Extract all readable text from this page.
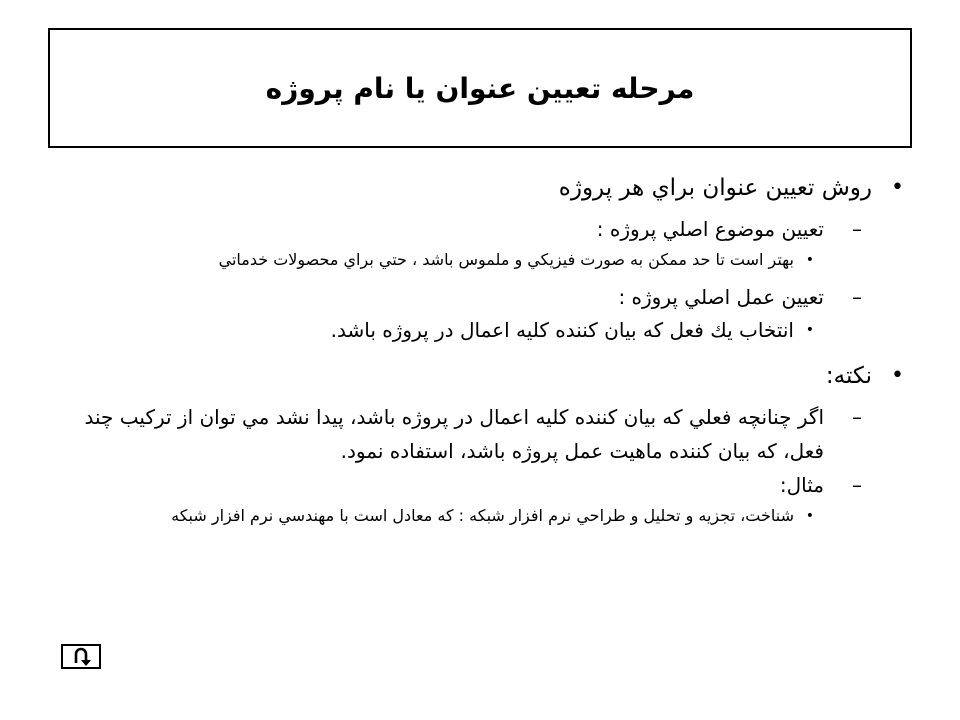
مرحله تعيين عنوان يا نام پروژه
•
روش تعيين عنوان براي هر پروژه
–
تعيين موضوع اصلي پروژه :
•
بهتر است تا حد ممكن به صورت فيزيكي و ملموس باشد ، حتي براي محصولات خدماتي
–
تعيين عمل اصلي پروژه :
•
انتخاب يك فعل كه بيان كننده كليه اعمال در پروژه باشد.
•
نكته:
–
اگر چنانچه فعلي كه بيان كننده كليه اعمال در پروژه باشد، پيدا نشد مي توان از تركيب چند فعل، كه بيان كننده ماهيت عمل پروژه باشد، استفاده نمود.
–
مثال:
•
شناخت، تجزيه و تحليل و طراحي نرم افزار شبكه : كه معادل است با مهندسي نرم افزار شبكه
